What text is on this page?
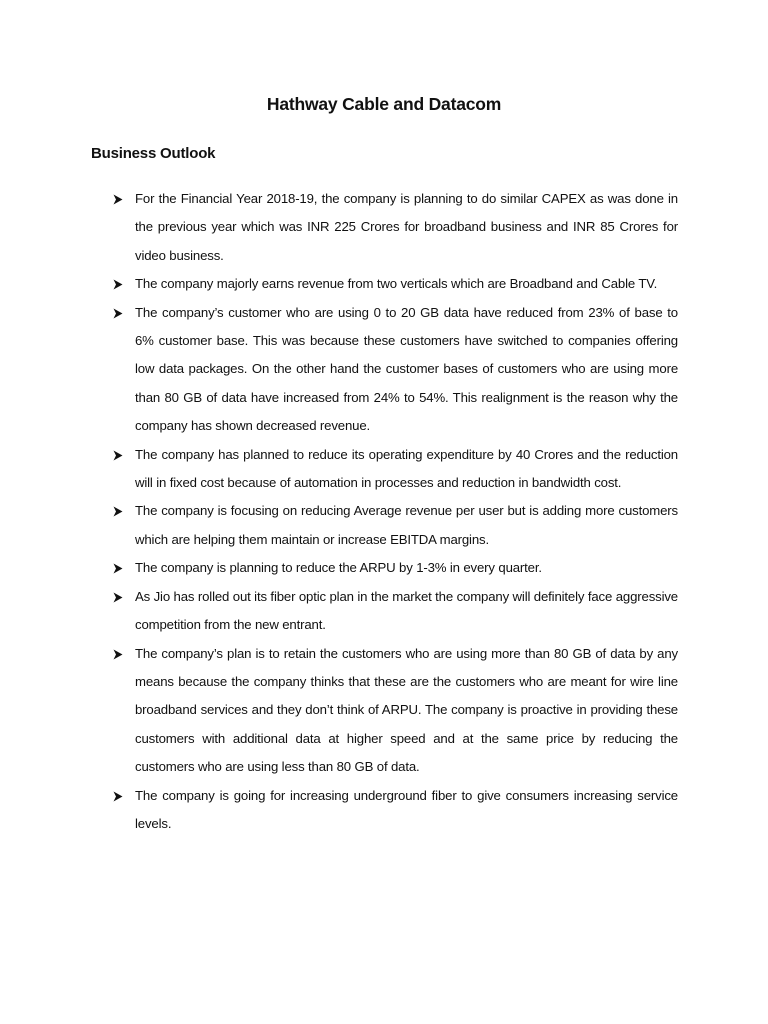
Hathway Cable and Datacom
Business Outlook
For the Financial Year 2018-19, the company is planning to do similar CAPEX as was done in the previous year which was INR 225 Crores for broadband business and INR 85 Crores for video business.
The company majorly earns revenue from two verticals which are Broadband and Cable TV.
The company’s customer who are using 0 to 20 GB data have reduced from 23% of base to 6% customer base. This was because these customers have switched to companies offering low data packages. On the other hand the customer bases of customers who are using more than 80 GB of data have increased from 24% to 54%. This realignment is the reason why the company has shown decreased revenue.
The company has planned to reduce its operating expenditure by 40 Crores and the reduction will in fixed cost because of automation in processes and reduction in bandwidth cost.
The company is focusing on reducing Average revenue per user but is adding more customers which are helping them maintain or increase EBITDA margins.
The company is planning to reduce the ARPU by 1-3% in every quarter.
As Jio has rolled out its fiber optic plan in the market the company will definitely face aggressive competition from the new entrant.
The company’s plan is to retain the customers who are using more than 80 GB of data by any means because the company thinks that these are the customers who are meant for wire line broadband services and they don’t think of ARPU. The company is proactive in providing these customers with additional data at higher speed and at the same price by reducing the customers who are using less than 80 GB of data.
The company is going for increasing underground fiber to give consumers increasing service levels.
